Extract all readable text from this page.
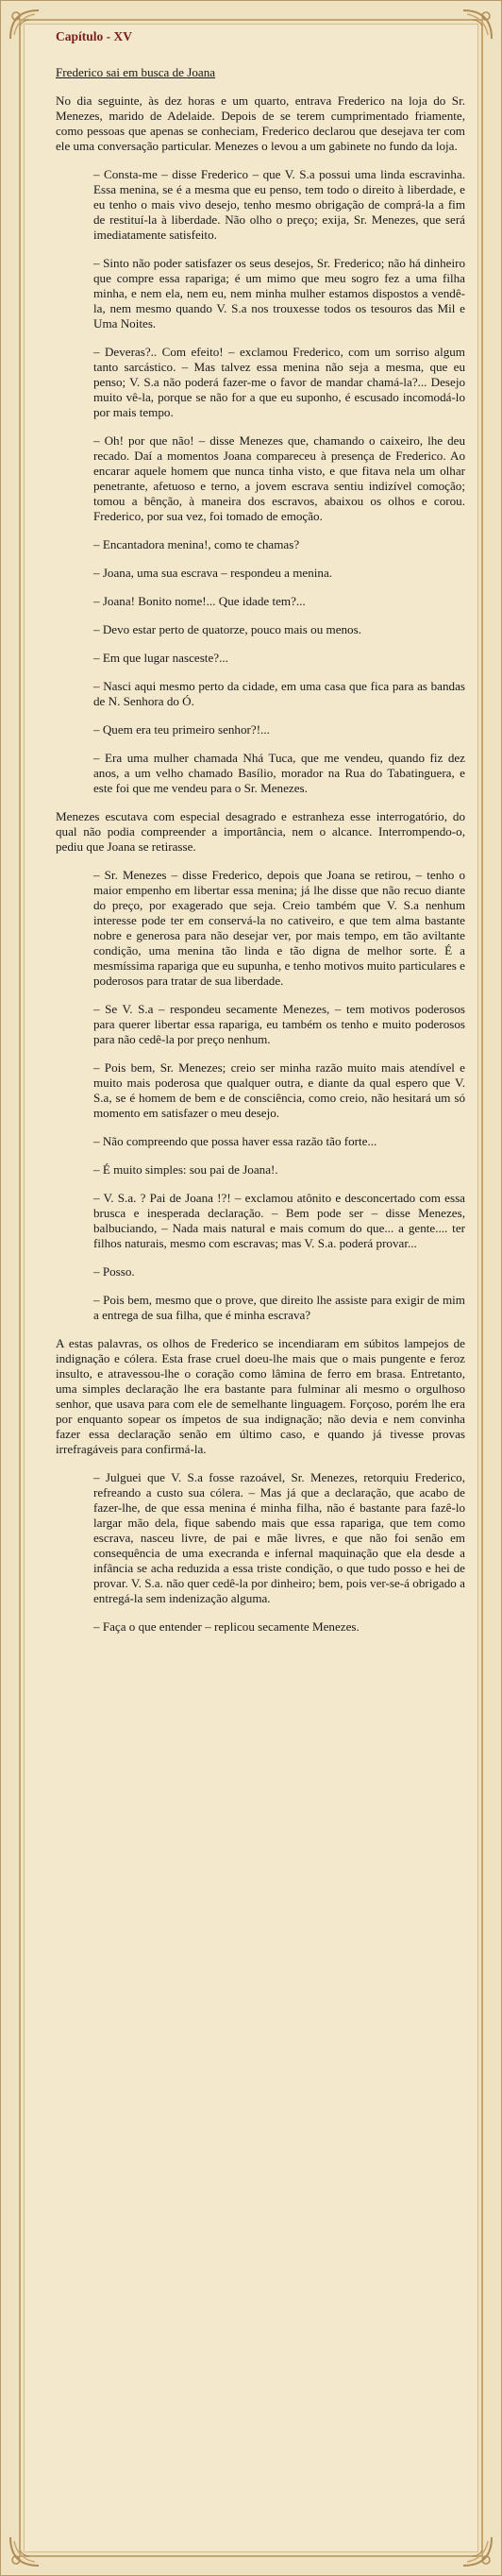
Capítulo - XV
Frederico sai em busca de Joana

No dia seguinte, às dez horas e um quarto, entrava Frederico na loja do Sr. Menezes, marido de Adelaide. Depois de se terem cumprimentado friamente, como pessoas que apenas se conheciam, Frederico declarou que desejava ter com ele uma conversação particular. Menezes o levou a um gabinete no fundo da loja.

– Consta-me – disse Frederico – que V. S.a possui uma linda escravinha. Essa menina, se é a mesma que eu penso, tem todo o direito à liberdade, e eu tenho o mais vivo desejo, tenho mesmo obrigação de comprá-la a fim de restituí-la à liberdade. Não olho o preço; exija, Sr. Menezes, que será imediatamente satisfeito.

– Sinto não poder satisfazer os seus desejos, Sr. Frederico; não há dinheiro que compre essa rapariga; é um mimo que meu sogro fez a uma filha minha, e nem ela, nem eu, nem minha mulher estamos dispostos a vendê-la, nem mesmo quando V. S.a nos trouxesse todos os tesouros das Mil e Uma Noites.

– Deveras?.. Com efeito! – exclamou Frederico, com um sorriso algum tanto sarcástico. – Mas talvez essa menina não seja a mesma, que eu penso; V. S.a não poderá fazer-me o favor de mandar chamá-la?... Desejo muito vê-la, porque se não for a que eu suponho, é escusado incomodá-lo por mais tempo.

– Oh! por que não! – disse Menezes que, chamando o caixeiro, lhe deu recado. Daí a momentos Joana compareceu à presença de Frederico. Ao encarar aquele homem que nunca tinha visto, e que fitava nela um olhar penetrante, afetuoso e terno, a jovem escrava sentiu indizível comoção; tomou a bênção, à maneira dos escravos, abaixou os olhos e corou. Frederico, por sua vez, foi tomado de emoção.

– Encantadora menina!, como te chamas?

– Joana, uma sua escrava – respondeu a menina.

– Joana! Bonito nome!... Que idade tem?...

– Devo estar perto de quatorze, pouco mais ou menos.

– Em que lugar nasceste?...

– Nasci aqui mesmo perto da cidade, em uma casa que fica para as bandas de N. Senhora do Ó.

– Quem era teu primeiro senhor?!...

– Era uma mulher chamada Nhá Tuca, que me vendeu, quando fiz dez anos, a um velho chamado Basílio, morador na Rua do Tabatinguera, e este foi que me vendeu para o Sr. Menezes.

Menezes escutava com especial desagrado e estranheza esse interrogatório, do qual não podia compreender a importância, nem o alcance. Interrompendo-o, pediu que Joana se retirasse.

– Sr. Menezes – disse Frederico, depois que Joana se retirou, – tenho o maior empenho em libertar essa menina; já lhe disse que não recuo diante do preço, por exagerado que seja. Creio também que V. S.a nenhum interesse pode ter em conservá-la no cativeiro, e que tem alma bastante nobre e generosa para não desejar ver, por mais tempo, em tão aviltante condição, uma menina tão linda e tão digna de melhor sorte. É a mesmíssima rapariga que eu supunha, e tenho motivos muito particulares e poderosos para tratar de sua liberdade.

– Se V. S.a – respondeu secamente Menezes, – tem motivos poderosos para querer libertar essa rapariga, eu também os tenho e muito poderosos para não cedê-la por preço nenhum.

– Pois bem, Sr. Menezes; creio ser minha razão muito mais atendível e muito mais poderosa que qualquer outra, e diante da qual espero que V. S.a, se é homem de bem e de consciência, como creio, não hesitará um só momento em satisfazer o meu desejo.

– Não compreendo que possa haver essa razão tão forte...

– É muito simples: sou pai de Joana!.

– V. S.a. ? Pai de Joana !?! – exclamou atônito e desconcertado com essa brusca e inesperada declaração. – Bem pode ser – disse Menezes, balbuciando, – Nada mais natural e mais comum do que... a gente.... ter filhos naturais, mesmo com escravas; mas V. S.a. poderá provar...

– Posso.

– Pois bem, mesmo que o prove, que direito lhe assiste para exigir de mim a entrega de sua filha, que é minha escrava?

A estas palavras, os olhos de Frederico se incendiaram em súbitos lampejos de indignação e cólera. Esta frase cruel doeu-lhe mais que o mais pungente e feroz insulto, e atravessou-lhe o coração como lâmina de ferro em brasa. Entretanto, uma simples declaração lhe era bastante para fulminar ali mesmo o orgulhoso senhor, que usava para com ele de semelhante linguagem. Forçoso, porém lhe era por enquanto sopear os ímpetos de sua indignação; não devia e nem convinha fazer essa declaração senão em último caso, e quando já tivesse provas irrefragáveis para confirmá-la.

– Julguei que V. S.a fosse razoável, Sr. Menezes, retorquiu Frederico, refreando a custo sua cólera. – Mas já que a declaração, que acabo de fazer-lhe, de que essa menina é minha filha, não é bastante para fazê-lo largar mão dela, fique sabendo mais que essa rapariga, que tem como escrava, nasceu livre, de pai e mãe livres, e que não foi senão em consequência de uma execranda e infernal maquinação que ela desde a infância se acha reduzida a essa triste condição, o que tudo posso e hei de provar. V. S.a. não quer cedê-la por dinheiro; bem, pois ver-se-á obrigado a entregá-la sem indenização alguma.

– Faça o que entender – replicou secamente Menezes.
